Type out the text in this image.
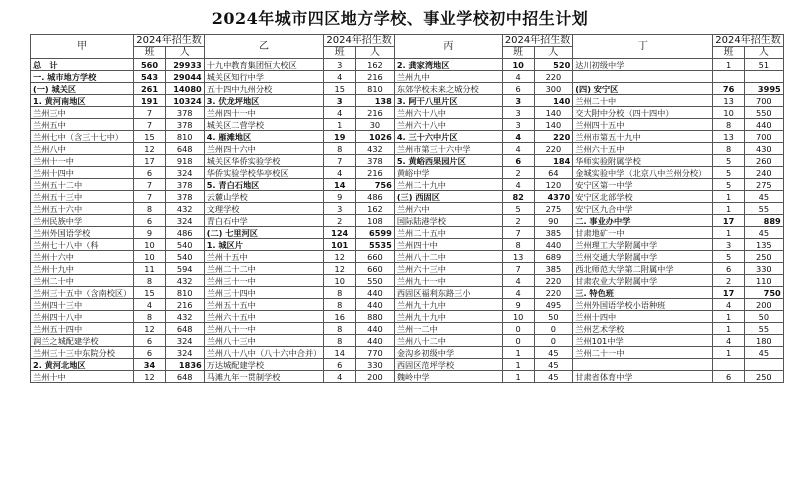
2024年城市四区地方学校、事业学校初中招生计划
甲	2024年招生数		乙	2024年招生数		丙	2024年招生数		丁	2024年招生数	
	班	人		班	人		班	人		班	人
总　计	560	29933	十九中教育集团恒大校区	3	162	2. 龚家湾地区	10	520	达川初级中学	1	51
一. 城市地方学校	543	29044	城关区知行中学	4	216	兰州九中	4	220			
(一) 城关区	261	14080	五十四中九州分校	15	810	东郊学校未来之城分校	6	300	(四) 安宁区	76	3995
1. 黄河南地区	191	10324	3. 伏龙坪地区	3	138	3. 阿干八里片区	3	140	兰州二十中	13	700
兰州三中	7	378	兰州四十一中	4	216	兰州六十八中	3	140	交大附中分校（四十四中）	10	550
兰州五中	7	378	城关区二营学校	1	30	兰州六十八中	3	140	兰州四十五中	8	440
兰州七中（含三十七中）	15	810	4. 雁滩地区	19	1026	4. 三十六中片区	4	220	兰州市第五十九中	13	700
兰州八中	12	648	兰州四十六中	8	432	兰州市第三十六中学	4	220	兰州六十五中	8	430
兰州十一中	17	918	城关区华侨实验学校	7	378	5. 黄峪西果园片区	6	184	华师实验附属学校	5	260
兰州十四中	6	324	华侨实验学校华亭校区	4	216	黄峪中学	2	64	金城实验中学（北京八中兰州分校）	5	240
兰州五十二中	7	378	5. 青白石地区	14	756	兰州二十九中	4	120	安宁区第一中学	5	275
兰州五十三中	7	378	云麓山学校	9	486	(三) 西固区	82	4370	安宁区北部学校	1	45
兰州五十六中	8	432	文理学校	3	162	兰州六中	5	275	安宁区九合中学	1	55
兰州民族中学	6	324	青白石中学	2	108	国际陆港学校	2	90	二. 事业办中学	17	889
兰州外国语学校	9	486	(二) 七里河区	124	6599	兰州二十五中	7	385	甘肃地矿一中	1	45
兰州七十八中（科	10	540	1. 城区片	101	5535	兰州四十中	8	440	兰州理工大学附属中学	3	135
兰州十六中	10	540	兰州十五中	12	660	兰州八十二中	13	689	兰州交通大学附属中学	5	250
兰州十九中	11	594	兰州二十二中	12	660	兰州六十三中	7	385	西北师范大学第二附属中学	6	330
兰州二十中	8	432	兰州三十一中	10	550	兰州九十一中	4	220	甘肃农业大学附属中学	2	110
兰州三十五中（含南校区）	15	810	兰州三十四中	8	440	西固区福利东路三小	4	220	三. 特色班	17	750
兰州四十三中	4	216	兰州五十五中	8	440	兰州九十九中	9	495	兰州外国语学校小语种班	4	200
兰州四十八中	8	432	兰州六十五中	16	880	兰州九十九中	10	50	兰州十四中	1	50
兰州五十四中	12	648	兰州八十一中	8	440	兰州一二中	0	0	兰州艺术学校	1	55
润兰之城配建学校	6	324	兰州八十三中	8	440	兰州八十二中	0	0	兰州101中学	4	180
兰州三十三中东院分校	6	324	兰州八十八中（八十六中合并）	14	770	金沟乡初级中学	1	45	兰州二十一中	1	45
2. 黄河北地区	34	1836	万达城配建学校	6	330	西固区范坪学校	1	45			
兰州十中	12	648	马滩九年一贯制学校	4	200	魏岭中学	1	45	甘肃省体育中学	6	250
